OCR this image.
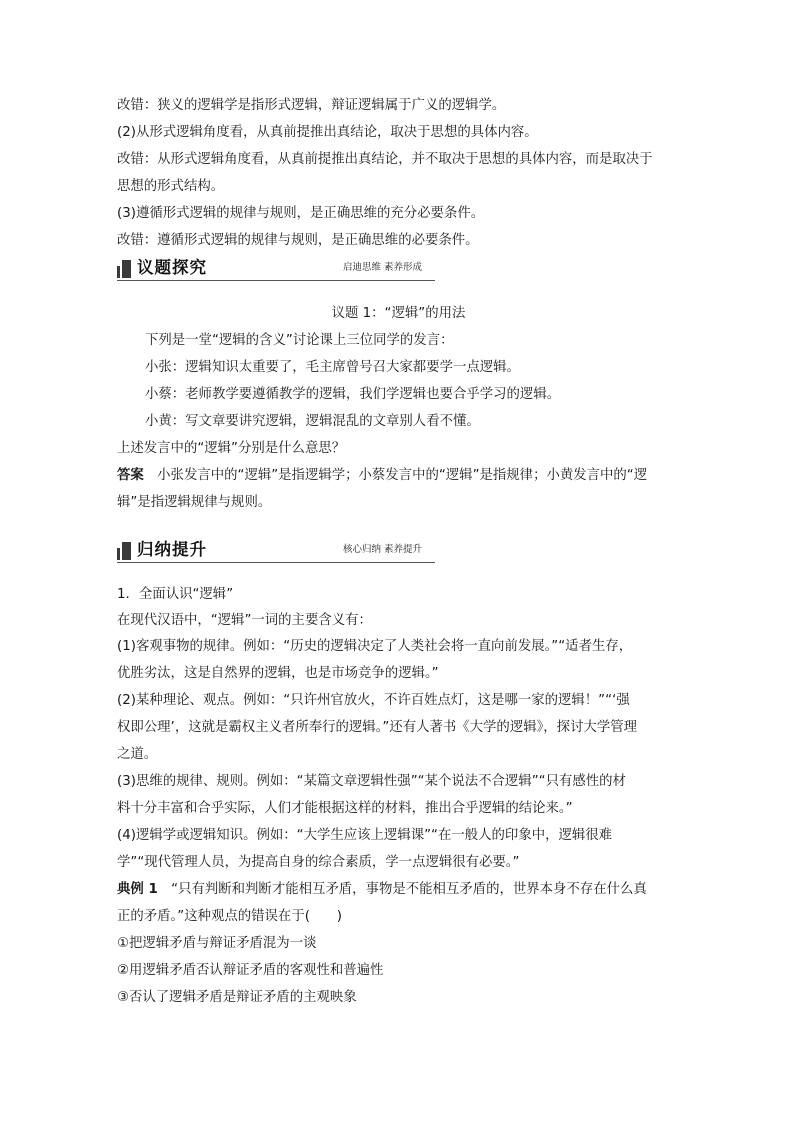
改错：狭义的逻辑学是指形式逻辑，辩证逻辑属于广义的逻辑学。
(2)从形式逻辑角度看，从真前提推出真结论，取决于思想的具体内容。
改错：从形式逻辑角度看，从真前提推出真结论，并不取决于思想的具体内容，而是取决于
思想的形式结构。
(3)遵循形式逻辑的规律与规则，是正确思维的充分必要条件。
改错：遵循形式逻辑的规律与规则，是正确思维的必要条件。
议题探究	启迪思维 素养形成
议题 1：“逻辑”的用法
下列是一堂“逻辑的含义”讨论课上三位同学的发言：
小张：逻辑知识太重要了，毛主席曾号召大家都要学一点逻辑。
小蔡：老师教学要遵循教学的逻辑，我们学逻辑也要合乎学习的逻辑。
小黄：写文章要讲究逻辑，逻辑混乱的文章别人看不懂。
上述发言中的“逻辑”分别是什么意思？
答案　小张发言中的“逻辑”是指逻辑学；小蔡发言中的“逻辑”是指规律；小黄发言中的“逻
辑”是指逻辑规律与规则。
归纳提升	核心归纳 素养提升
1．全面认识“逻辑”
在现代汉语中，“逻辑”一词的主要含义有：
(1)客观事物的规律。例如：“历史的逻辑决定了人类社会将一直向前发展。”“适者生存，
优胜劣汰，这是自然界的逻辑，也是市场竞争的逻辑。”
(2)某种理论、观点。例如：“只许州官放火，不许百姓点灯，这是哪一家的逻辑！”“‘强
权即公理’，这就是霸权主义者所奉行的逻辑。”还有人著书《大学的逻辑》，探讨大学管理
之道。
(3)思维的规律、规则。例如：“某篇文章逻辑性强”“某个说法不合逻辑”“只有感性的材
料十分丰富和合乎实际，人们才能根据这样的材料，推出合乎逻辑的结论来。”
(4)逻辑学或逻辑知识。例如：“大学生应该上逻辑课”“在一般人的印象中，逻辑很难
学”“现代管理人员，为提高自身的综合素质，学一点逻辑很有必要。”
典例 1　“只有判断和判断才能相互矛盾，事物是不能相互矛盾的，世界本身不存在什么真
正的矛盾。”这种观点的错误在于(　　)
①把逻辑矛盾与辩证矛盾混为一谈
②用逻辑矛盾否认辩证矛盾的客观性和普遍性
③否认了逻辑矛盾是辩证矛盾的主观映象
